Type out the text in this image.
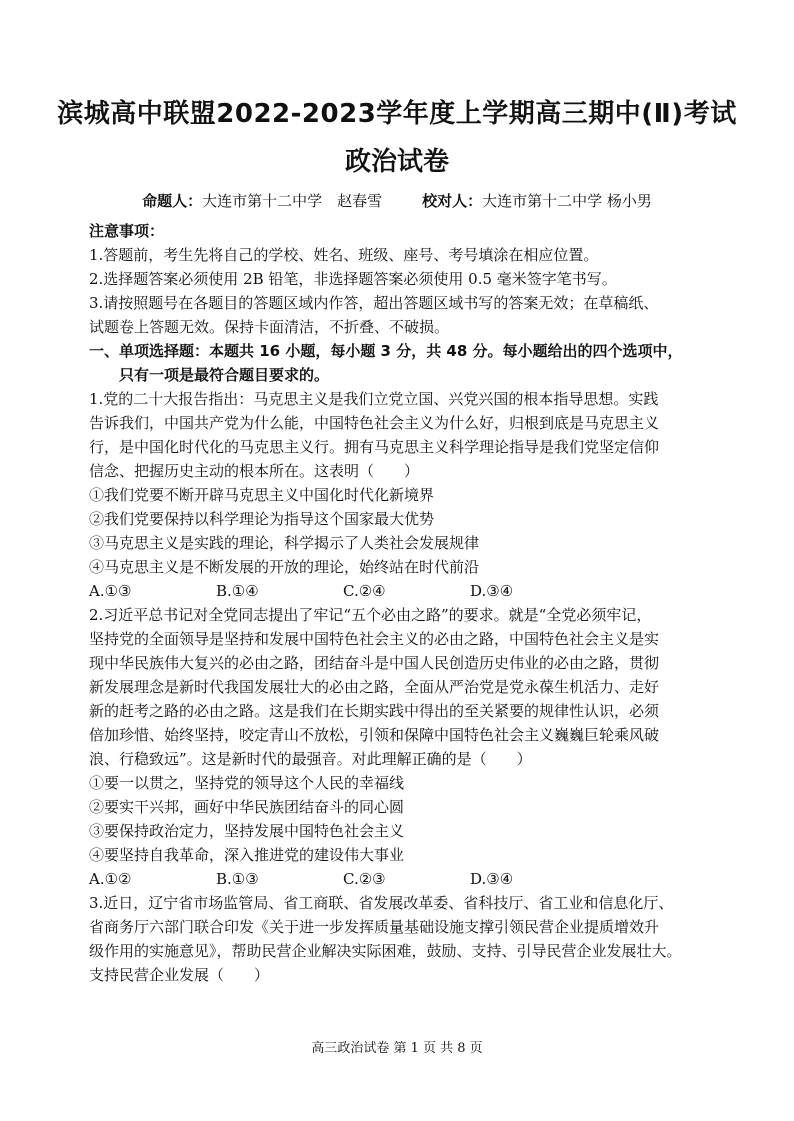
滨城高中联盟2022-2023学年度上学期高三期中(Ⅱ)考试
政治试卷
命题人：大连市第十二中学　赵春雪	校对人：大连市第十二中学 杨小男
注意事项：
1.答题前，考生先将自己的学校、姓名、班级、座号、考号填涂在相应位置。
2.选择题答案必须使用 2B 铅笔，非选择题答案必须使用 0.5 毫米签字笔书写。
3.请按照题号在各题目的答题区域内作答，超出答题区域书写的答案无效；在草稿纸、
试题卷上答题无效。保持卡面清洁，不折叠、不破损。
一、单项选择题：本题共 16 小题，每小题 3 分，共 48 分。每小题给出的四个选项中，
只有一项是最符合题目要求的。
1.党的二十大报告指出：马克思主义是我们立党立国、兴党兴国的根本指导思想。实践
告诉我们，中国共产党为什么能，中国特色社会主义为什么好，归根到底是马克思主义
行，是中国化时代化的马克思主义行。拥有马克思主义科学理论指导是我们党坚定信仰
信念、把握历史主动的根本所在。这表明（　　）
①我们党要不断开辟马克思主义中国化时代化新境界
②我们党要保持以科学理论为指导这个国家最大优势
③马克思主义是实践的理论，科学揭示了人类社会发展规律
④马克思主义是不断发展的开放的理论，始终站在时代前沿
A.①③	B.①④	C.②④	D.③④
2.习近平总书记对全党同志提出了牢记“五个必由之路”的要求。就是“全党必须牢记，
坚持党的全面领导是坚持和发展中国特色社会主义的必由之路，中国特色社会主义是实
现中华民族伟大复兴的必由之路，团结奋斗是中国人民创造历史伟业的必由之路，贯彻
新发展理念是新时代我国发展壮大的必由之路，全面从严治党是党永葆生机活力、走好
新的赶考之路的必由之路。这是我们在长期实践中得出的至关紧要的规律性认识，必须
倍加珍惜、始终坚持，咬定青山不放松，引领和保障中国特色社会主义巍巍巨轮乘风破
浪、行稳致远”。这是新时代的最强音。对此理解正确的是（　　）
①要一以贯之，坚持党的领导这个人民的幸福线
②要实干兴邦，画好中华民族团结奋斗的同心圆
③要保持政治定力，坚持发展中国特色社会主义
④要坚持自我革命，深入推进党的建设伟大事业
A.①②	B.①③	C.②③	D.③④
3.近日，辽宁省市场监管局、省工商联、省发展改革委、省科技厅、省工业和信息化厅、
省商务厅六部门联合印发《关于进一步发挥质量基础设施支撑引领民营企业提质增效升
级作用的实施意见》，帮助民营企业解决实际困难，鼓励、支持、引导民营企业发展壮大。
支持民营企业发展（　　）
高三政治试卷 第 1 页 共 8 页
